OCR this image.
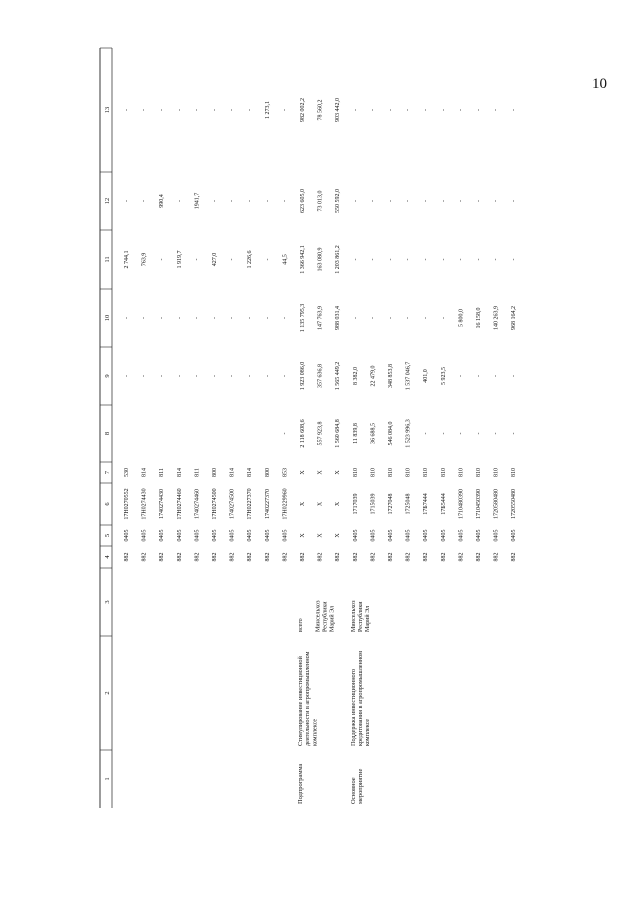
10
1
2
3
4
5
6
7
8
9
10
11
12
13
Подпрограмма
Стимулирование инвестиционной деятельности в агропромышленном комплексе
Основное мероприятие
Поддержка инвестиционного кредитования в агропромышленном комплексе
882
0405
17Н0270552
530
-
-
2 744,1
-
-
882
0405
17Н0274430
814
-
-
763,9
-
-
882
0405
1740274430
811
-
-
-
990,4
-
882
0405
17Н0274460
814
-
-
1 919,7
-
-
882
0405
1740274460
811
-
-
-
1941,7
-
882
0405
17Н0274500
800
-
-
427,0
-
-
882
0405
1740274500
814
-
-
-
-
-
882
0405
17Н0227370
814
-
-
1 226,6
-
-
882
0405
1740227370
800
-
-
-
-
1 273,1
882
0405
17Н0229960
853
-
-
-
44,5
-
-
всего
882
X
X
X
2 118 608,6
1 923 086,0
1 135 795,3
1 366 942,1
623 605,0
982 002,2
Минсельхоз Республики Марий Эл
882
X
X
X
557 923,8
357 636,8
147 763,9
163 080,9
73 013,0
78 560,2
882
X
X
X
1 560 684,8
1 565 449,2
988 031,4
1 203 861,2
550 592,0
903 442,0
Минсельхоз Республики Марий Эл
882
0405
1717039
810
11 839,8
8 382,0
-
-
-
-
882
0405
1715039
810
36 688,5
22 479,0
-
-
-
-
882
0405
1727048
810
546 084,0
348 853,8
-
-
-
-
882
0405
1725048
810
1 523 996,3
1 537 046,7
-
-
-
-
882
0405
17Б7444
810
-
401,0
-
-
-
-
882
0405
17Б5444
810
-
5 923,5
-
-
-
-
882
0405
1710480390
810
-
-
5 800,0
-
-
-
882
0405
1710450390
810
-
-
16 158,0
-
-
-
882
0405
1720580480
810
-
-
140 263,9
-
-
-
882
0405
1720550480
810
-
-
968 164,2
-
-
-
